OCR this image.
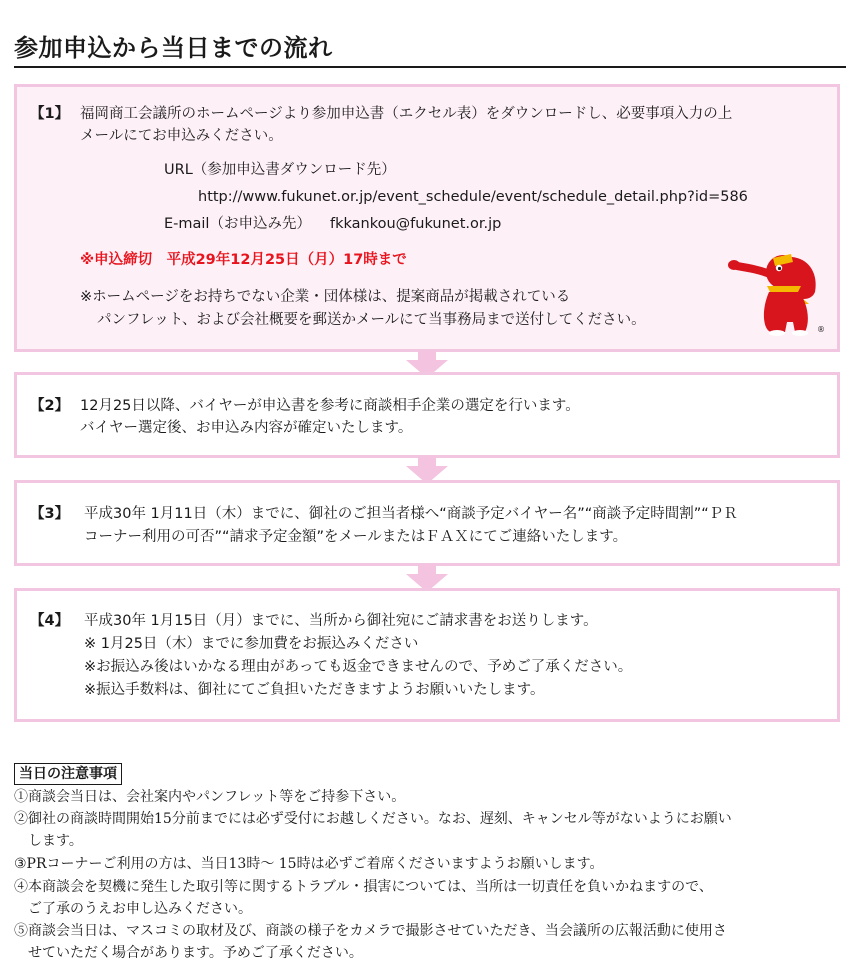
参加申込から当日までの流れ
【1】 福岡商工会議所のホームページより参加申込書（エクセル表）をダウンロードし、必要事項入力の上
メールにてお申込みください。
URL（参加申込書ダウンロード先）
http://www.fukunet.or.jp/event_schedule/event/schedule_detail.php?id=586
E-mail（お申込み先） fkkankou@fukunet.or.jp
※申込締切　平成29年12月25日（月）17時まで
※ホームページをお持ちでない企業・団体様は、提案商品が掲載されている
パンフレット、および会社概要を郵送かメールにて当事務局まで送付してください。
®
【2】 12月25日以降、バイヤーが申込書を参考に商談相手企業の選定を行います。
バイヤー選定後、お申込み内容が確定いたします。
【3】 平成30年 1月11日（木）までに、御社のご担当者様へ“商談予定バイヤー名”“商談予定時間割”“ＰＲ
コーナー利用の可否”“請求予定金額”をメールまたはＦＡＸにてご連絡いたします。
【4】 平成30年 1月15日（月）までに、当所から御社宛にご請求書をお送りします。
※ 1月25日（木）までに参加費をお振込みください
※お振込み後はいかなる理由があっても返金できませんので、予めご了承ください。
※振込手数料は、御社にてご負担いただきますようお願いいたします。
当日の注意事項
①商談会当日は、会社案内やパンフレット等をご持参下さい。
②御社の商談時間開始15分前までには必ず受付にお越しください。なお、遅刻、キャンセル等がないようにお願い
します。
③PRコーナーご利用の方は、当日13時～ 15時は必ずご着席くださいますようお願いします。
④本商談会を契機に発生した取引等に関するトラブル・損害については、当所は一切責任を負いかねますので、
ご了承のうえお申し込みください。
⑤商談会当日は、マスコミの取材及び、商談の様子をカメラで撮影させていただき、当会議所の広報活動に使用さ
せていただく場合があります。予めご了承ください。
